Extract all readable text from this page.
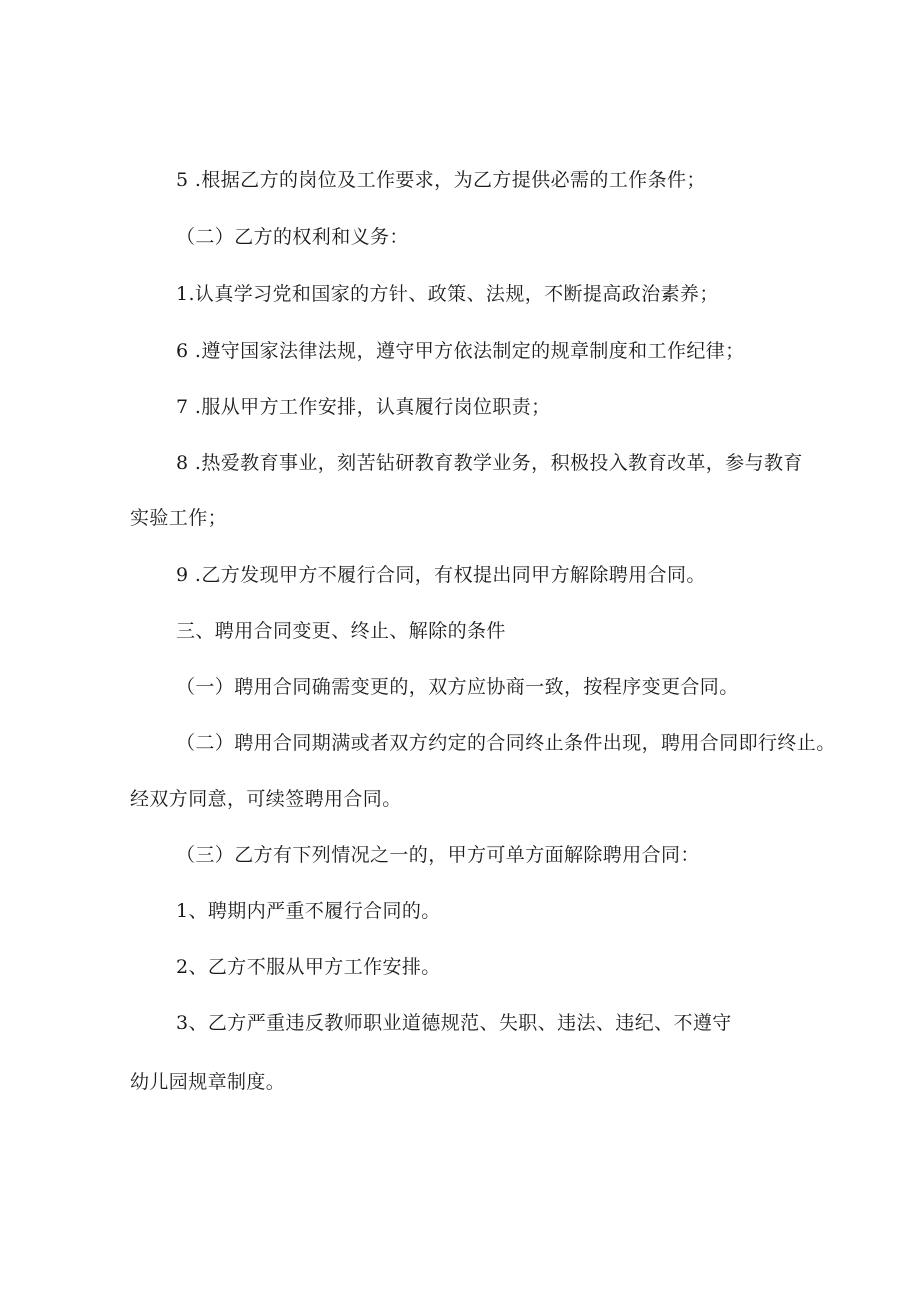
5 .根据乙方的岗位及工作要求，为乙方提供必需的工作条件；
（二）乙方的权利和义务：
1.认真学习党和国家的方针、政策、法规，不断提高政治素养；
6 .遵守国家法律法规，遵守甲方依法制定的规章制度和工作纪律；
7 .服从甲方工作安排，认真履行岗位职责；
8 .热爱教育事业，刻苦钻研教育教学业务，积极投入教育改革，参与教育
实验工作；
9 .乙方发现甲方不履行合同，有权提出同甲方解除聘用合同。
三、聘用合同变更、终止、解除的条件
（一）聘用合同确需变更的，双方应协商一致，按程序变更合同。
（二）聘用合同期满或者双方约定的合同终止条件出现，聘用合同即行终止。
经双方同意，可续签聘用合同。
（三）乙方有下列情况之一的，甲方可单方面解除聘用合同：
1、聘期内严重不履行合同的。
2、乙方不服从甲方工作安排。
3、乙方严重违反教师职业道德规范、失职、违法、违纪、不遵守
幼儿园规章制度。
